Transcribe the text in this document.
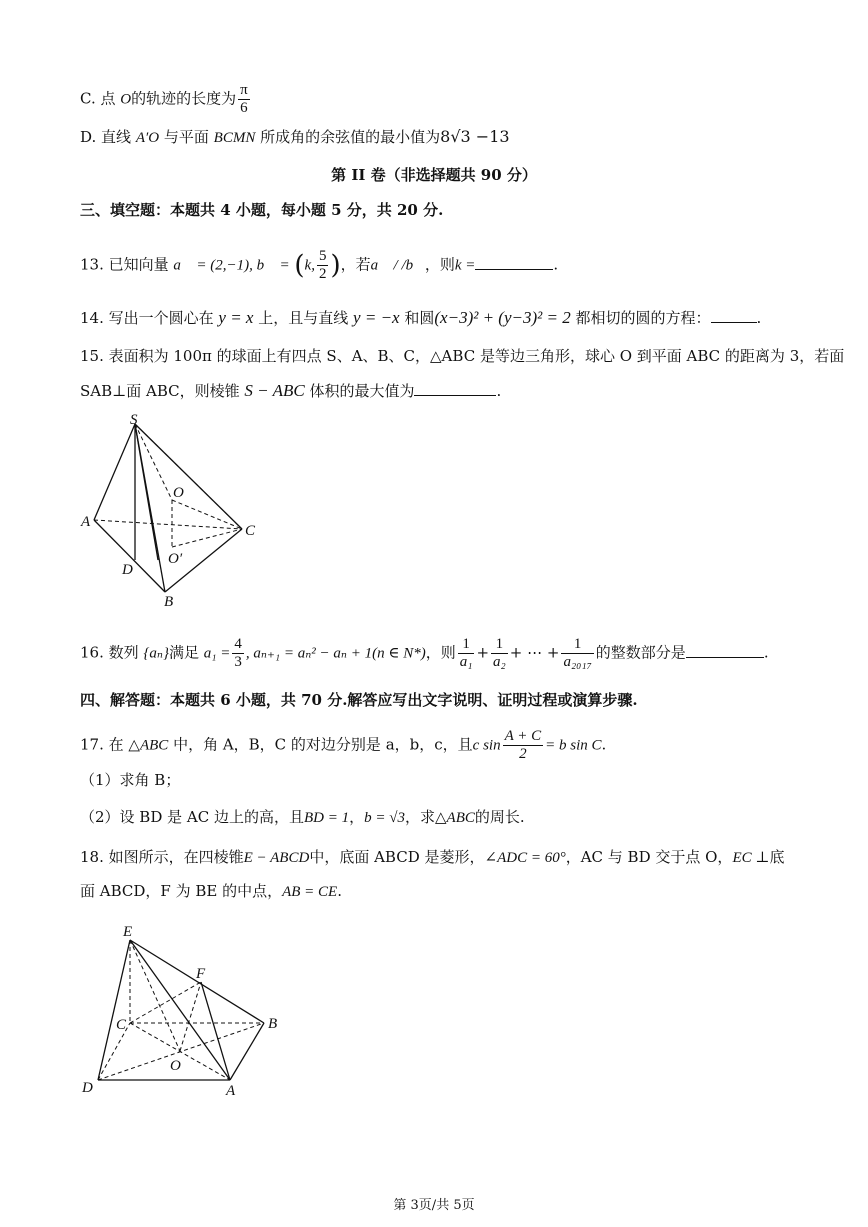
C. 点 O的轨迹的长度为 $\frac{\pi}{6}$
D. 直线 A′O 与平面 BCMN 所成角的余弦值的最小值为8√3 −13
第 II 卷（非选择题共 90 分）
三、填空题：本题共 4 小题，每小题 5 分，共 20 分.
13. 已知向量 a⃗ = (2,−1), b⃗ = (k, $\frac{5}{2}$ )，若a⃗ / /b⃗，则k =	.
14. 写出一个圆心在 y = x 上，且与直线 y = −x 和圆(x−3)² + (y−3)² = 2 都相切的圆的方程：	.
15. 表面积为 100π 的球面上有四点 S、A、B、C，△ABC 是等边三角形，球心 O 到平面 ABC 的距离为 3，若面
SAB⊥面 ABC，则棱锥 S − ABC 体积的最大值为	.
S
O
A
C
O′
D
B
16. 数列 {aₙ}满足 $a_1 = \frac{4}{3}$ , aₙ₊₁ = aₙ² − aₙ + 1(n ∈ N*)，则 $\frac{1}{\text{a₁}} + \frac{1}{\text{a₂}}$ + ⋯ + $\frac{1}{\text{a₂₀₁₇}}$ 的整数部分是	.
四、解答题：本题共 6 小题，共 70 分.解答应写出文字说明、证明过程或演算步骤.
17. 在 △ABC 中，角 A，B，C 的对边分别是 a，b，c，且c $\sin \frac{A + C}{2} = b$ sin C.
（1）求角 B；
（2）设 BD 是 AC 边上的高，且BD = 1，b = √3，求△ABC的周长.
18. 如图所示，在四棱锥E − ABCD中，底面 ABCD 是菱形，∠ADC = 60°，AC 与 BD 交于点 O，EC ⊥底
面 ABCD，F 为 BE 的中点，AB = CE.
E
F
C	B
O
D	A
第 3页/共 5页
